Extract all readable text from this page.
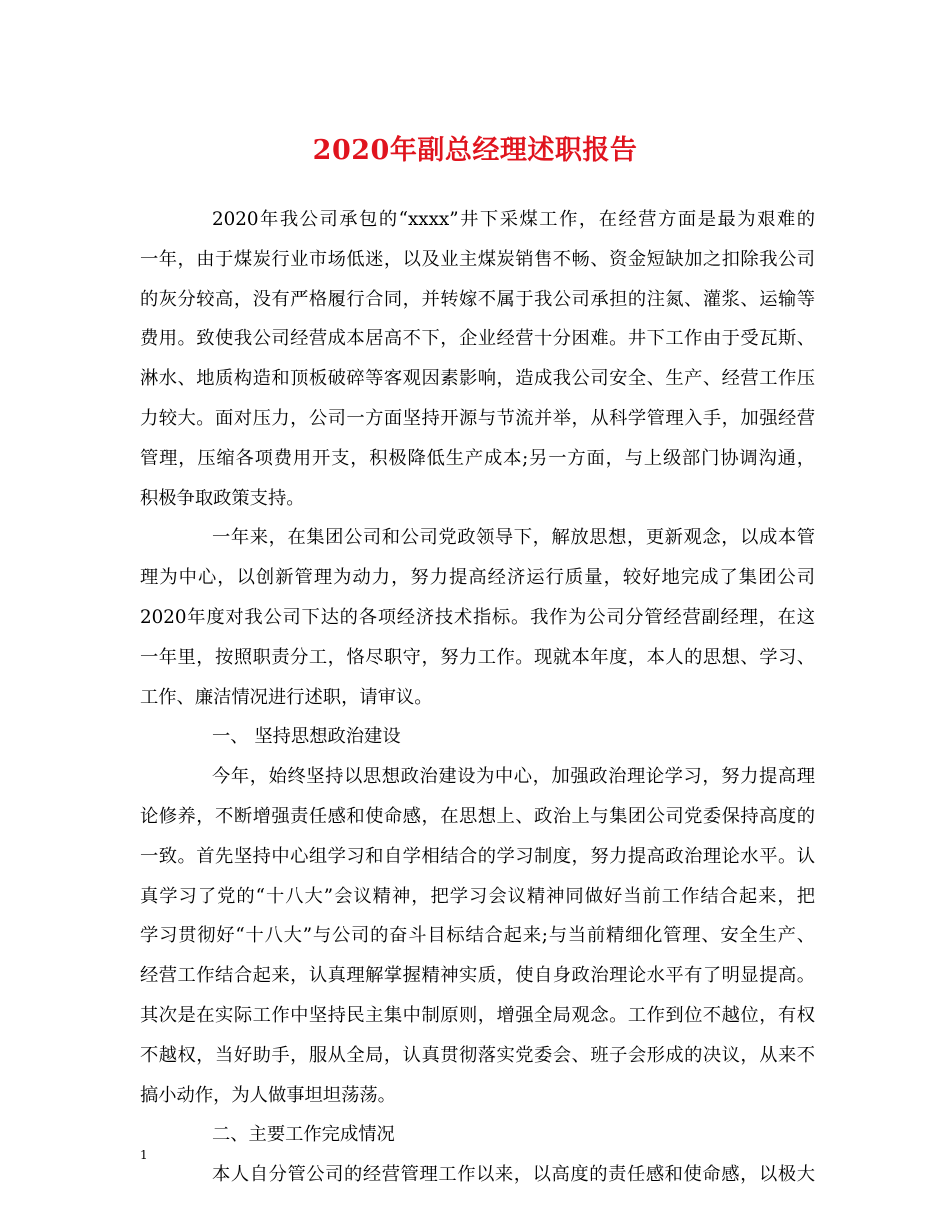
2020年副总经理述职报告
2020年我公司承包的“xxxx”井下采煤工作，在经营方面是最为艰难的
一年，由于煤炭行业市场低迷，以及业主煤炭销售不畅、资金短缺加之扣除我公司
的灰分较高，没有严格履行合同，并转嫁不属于我公司承担的注氮、灌浆、运输等
费用。致使我公司经营成本居高不下，企业经营十分困难。井下工作由于受瓦斯、
淋水、地质构造和顶板破碎等客观因素影响，造成我公司安全、生产、经营工作压
力较大。面对压力，公司一方面坚持开源与节流并举，从科学管理入手，加强经营
管理，压缩各项费用开支，积极降低生产成本;另一方面，与上级部门协调沟通，
积极争取政策支持。
一年来，在集团公司和公司党政领导下，解放思想，更新观念，以成本管
理为中心，以创新管理为动力，努力提高经济运行质量，较好地完成了集团公司
2020年度对我公司下达的各项经济技术指标。我作为公司分管经营副经理，在这
一年里，按照职责分工，恪尽职守，努力工作。现就本年度，本人的思想、学习、
工作、廉洁情况进行述职，请审议。
一、 坚持思想政治建设
今年，始终坚持以思想政治建设为中心，加强政治理论学习，努力提高理
论修养，不断增强责任感和使命感，在思想上、政治上与集团公司党委保持高度的
一致。首先坚持中心组学习和自学相结合的学习制度，努力提高政治理论水平。认
真学习了党的“十八大”会议精神，把学习会议精神同做好当前工作结合起来，把
学习贯彻好“十八大”与公司的奋斗目标结合起来;与当前精细化管理、安全生产、
经营工作结合起来，认真理解掌握精神实质，使自身政治理论水平有了明显提高。
其次是在实际工作中坚持民主集中制原则，增强全局观念。工作到位不越位，有权
不越权，当好助手，服从全局，认真贯彻落实党委会、班子会形成的决议，从来不
搞小动作，为人做事坦坦荡荡。
二、主要工作完成情况
本人自分管公司的经营管理工作以来，以高度的责任感和使命感，以极大
1
